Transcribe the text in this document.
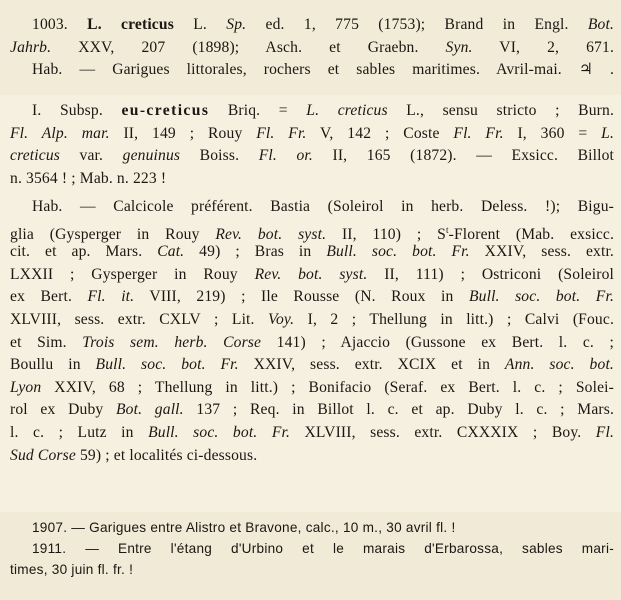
1003. L. creticus L. Sp. ed. 1, 775 (1753); Brand in Engl. Bot.
Jahrb. XXV, 207 (1898); Asch. et Graebn. Syn. VI, 2, 671.
Hab. — Garigues littorales, rochers et sables maritimes. Avril-mai. ♃ .
I. Subsp. eu-creticus Briq. = L. creticus L., sensu stricto ; Burn.
Fl. Alp. mar. II, 149 ; Rouy Fl. Fr. V, 142 ; Coste Fl. Fr. I, 360 = L.
creticus var. genuinus Boiss. Fl. or. II, 165 (1872). — Exsicc. Billot
n. 3564 ! ; Mab. n. 223 !
Hab. — Calcicole préférent. Bastia (Soleirol in herb. Deless. !); Bigu-
glia (Gysperger in Rouy Rev. bot. syst. II, 110) ; $S^t$-Florent (Mab. exsicc.
cit. et ap. Mars. Cat. 49) ; Bras in Bull. soc. bot. Fr. XXIV, sess. extr.
LXXII ; Gysperger in Rouy Rev. bot. syst. II, 111) ; Ostriconi (Soleirol
ex Bert. Fl. it. VIII, 219) ; Ile Rousse (N. Roux in Bull. soc. bot. Fr.
XLVIII, sess. extr. CXLV ; Lit. Voy. I, 2 ; Thellung in litt.) ; Calvi (Fouc.
et Sim. Trois sem. herb. Corse 141) ; Ajaccio (Gussone ex Bert. l. c. ;
Boullu in Bull. soc. bot. Fr. XXIV, sess. extr. XCIX et in Ann. soc. bot.
Lyon XXIV, 68 ; Thellung in litt.) ; Bonifacio (Seraf. ex Bert. l. c. ; Solei-
rol ex Duby Bot. gall. 137 ; Req. in Billot l. c. et ap. Duby l. c. ; Mars.
l. c. ; Lutz in Bull. soc. bot. Fr. XLVIII, sess. extr. CXXXIX ; Boy. Fl.
Sud Corse 59) ; et localités ci-dessous.
1907. — Garigues entre Alistro et Bravone, calc., 10 m., 30 avril fl. !
1911. — Entre l'étang d'Urbino et le marais d'Erbarossa, sables mari-
times, 30 juin fl. fr. !
